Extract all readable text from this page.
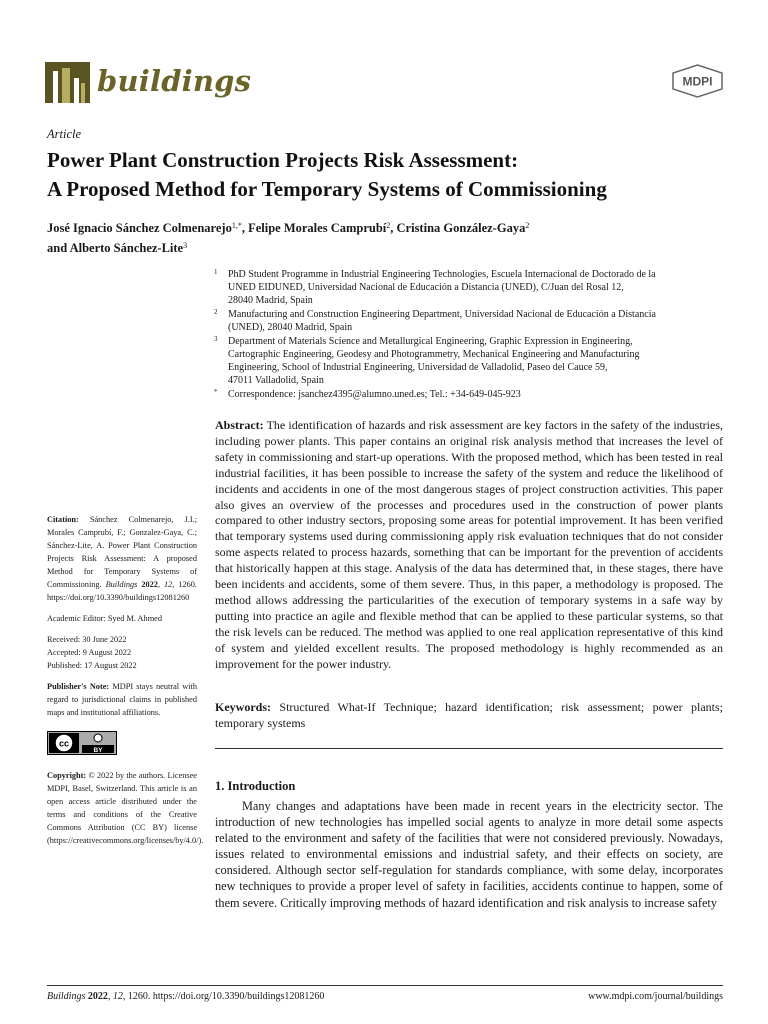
buildings	MDPI
Article
Power Plant Construction Projects Risk Assessment:
A Proposed Method for Temporary Systems of Commissioning
José Ignacio Sánchez Colmenarejo$^{1,*}$, Felipe Morales Camprubí$^2$, Cristina González-Gaya$^2$
and Alberto Sánchez-Lite$^3$
1 PhD Student Programme in Industrial Engineering Technologies, Escuela Internacional de Doctorado de la
UNED EIDUNED, Universidad Nacional de Educación a Distancia (UNED), C/Juan del Rosal 12,
28040 Madrid, Spain
2 Manufacturing and Construction Engineering Department, Universidad Nacional de Educación a Distancia
(UNED), 28040 Madrid, Spain
3 Department of Materials Science and Metallurgical Engineering, Graphic Expression in Engineering,
Cartographic Engineering, Geodesy and Photogrammetry, Mechanical Engineering and Manufacturing
Engineering, School of Industrial Engineering, Universidad de Valladolid, Paseo del Cauce 59,
47011 Valladolid, Spain
* Correspondence: jsanchez4395@alumno.uned.es; Tel.: +34-649-045-923
Abstract: The identification of hazards and risk assessment are key factors in the safety of the industries, including power plants. This paper contains an original risk analysis method that increases the level of safety in commissioning and start-up operations. With the proposed method, which has been tested in real industrial facilities, it has been possible to increase the safety of the system and reduce the likelihood of incidents and accidents in one of the most dangerous stages of project construction activities. This paper also gives an overview of the processes and procedures used in the construction of power plants compared to other industry sectors, proposing some areas for potential improvement. It has been verified that temporary systems used during commissioning apply risk evaluation techniques that do not consider some aspects related to process hazards, something that can be important for the prevention of accidents that historically happen at this stage. Analysis of the data has determined that, in these stages, there have been incidents and accidents, some of them severe. Thus, in this paper, a methodology is proposed. The method allows addressing the particularities of the execution of temporary systems in a safe way by putting into practice an agile and flexible method that can be applied to these particular systems, so that the risk levels can be reduced. The method was applied to one real application representative of this kind of system and yielded excellent results. The proposed methodology is highly recommended as an improvement for the power industry.
Keywords: Structured What-If Technique; hazard identification; risk assessment; power plants; temporary systems
1. Introduction
Many changes and adaptations have been made in recent years in the electricity sector. The introduction of new technologies has impelled social agents to analyze in more detail some aspects related to the environment and safety of the facilities that were not considered previously. Nowadays, issues related to environmental emissions and industrial safety, and their effects on society, are considered. Although sector self-regulation for standards compliance, with some delay, incorporates new techniques to provide a proper level of safety in facilities, accidents continue to happen, some of them severe. Critically improving methods of hazard identification and risk analysis to increase safety

Citation: Sánchez Colmenarejo, J.I.; Morales Camprubí, F.; Gonzalez-Gaya, C.; Sánchez-Lite, A. Power Plant Construction Projects Risk Assessment: A proposed Method for Temporary Systems of Commissioning. Buildings 2022, 12, 1260. https://doi.org/10.3390/buildings12081260

Academic Editor: Syed M. Ahmed

Received: 30 June 2022

Accepted: 9 August 2022

Published: 17 August 2022

Publisher's Note: MDPI stays neutral with regard to jurisdictional claims in published maps and institutional affiliations.

cc
BY

Copyright: © 2022 by the authors. Licensee MDPI, Basel, Switzerland. This article is an open access article distributed under the terms and conditions of the Creative Commons Attribution (CC BY) license (https://creativecommons.org/licenses/by/4.0/).

Buildings 2022, 12, 1260. https://doi.org/10.3390/buildings12081260	www.mdpi.com/journal/buildings
